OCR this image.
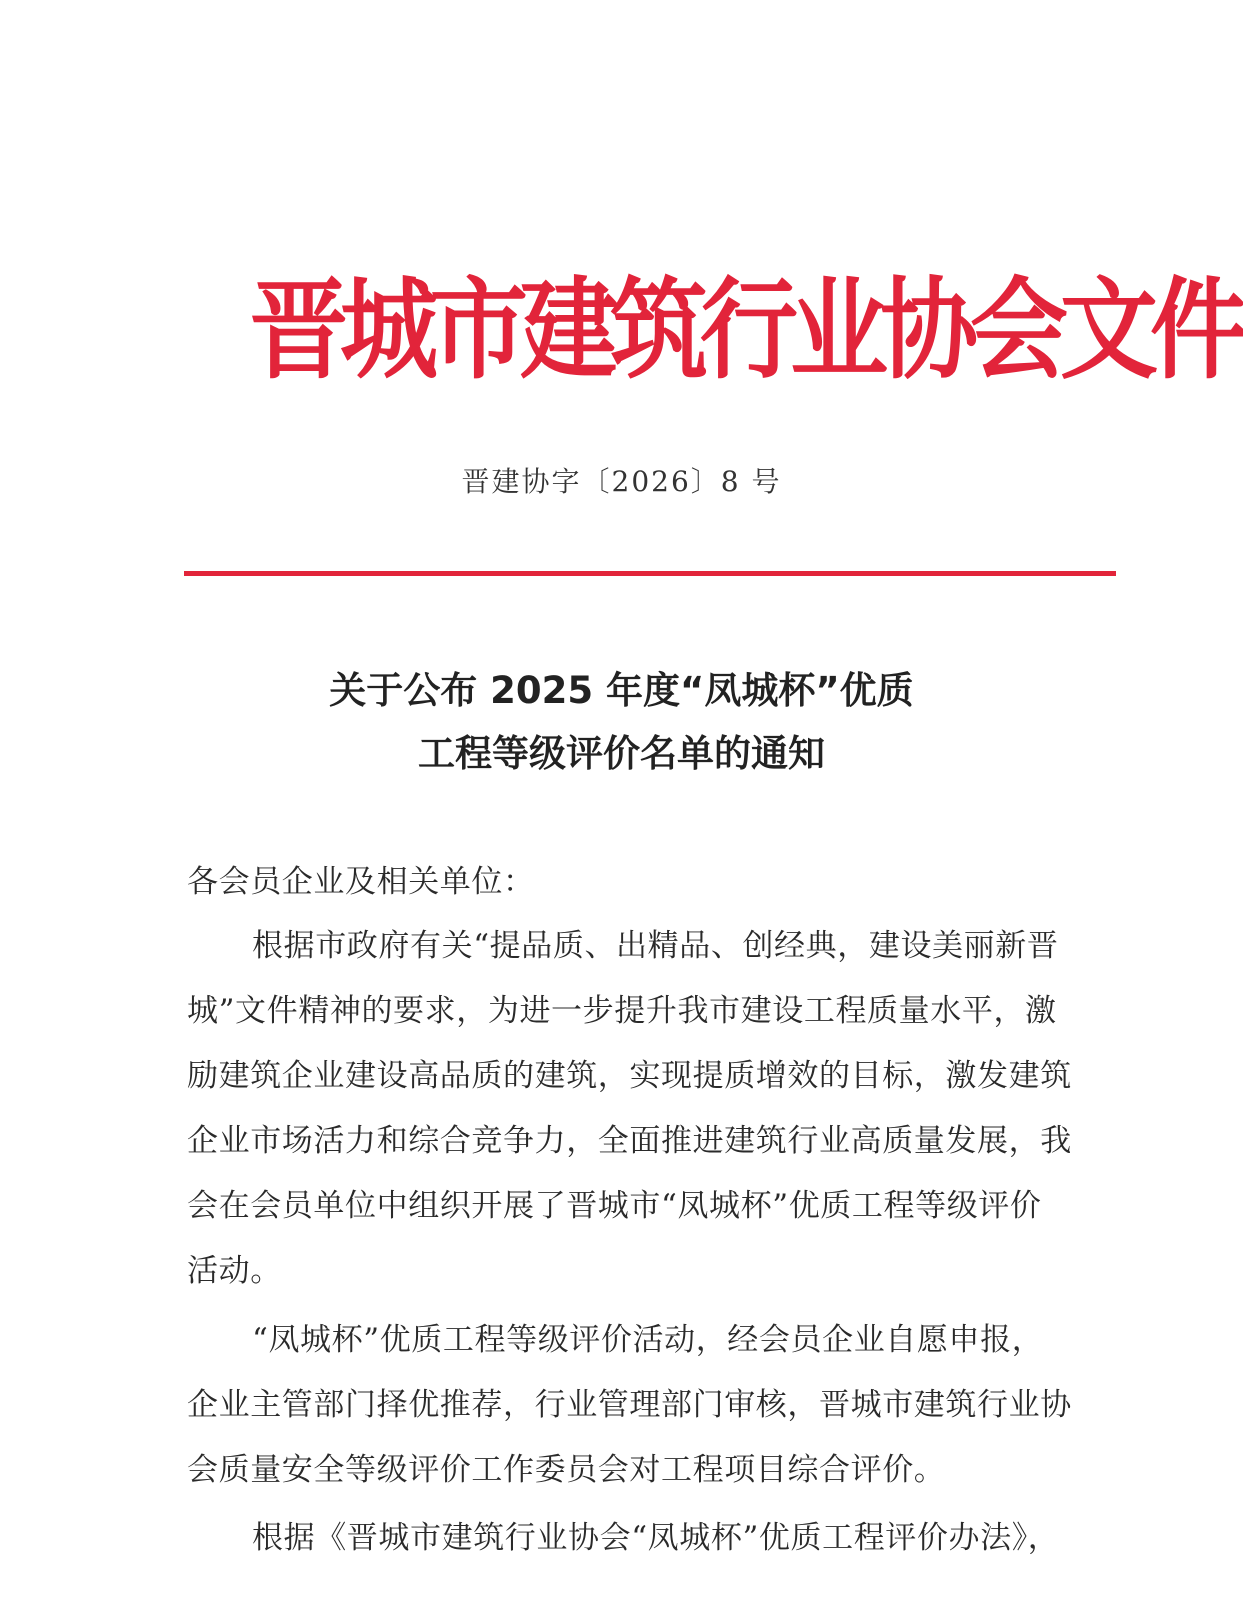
晋城市建筑行业协会文件
晋建协字〔2026〕8 号
关于公布 2025 年度“凤城杯”优质
工程等级评价名单的通知
各会员企业及相关单位：
根据市政府有关“提品质、出精品、创经典，建设美丽新晋
城”文件精神的要求，为进一步提升我市建设工程质量水平，激
励建筑企业建设高品质的建筑，实现提质增效的目标，激发建筑
企业市场活力和综合竞争力，全面推进建筑行业高质量发展，我
会在会员单位中组织开展了晋城市“凤城杯”优质工程等级评价
活动。
“凤城杯”优质工程等级评价活动，经会员企业自愿申报，
企业主管部门择优推荐，行业管理部门审核，晋城市建筑行业协
会质量安全等级评价工作委员会对工程项目综合评价。
根据《晋城市建筑行业协会“凤城杯”优质工程评价办法》，
